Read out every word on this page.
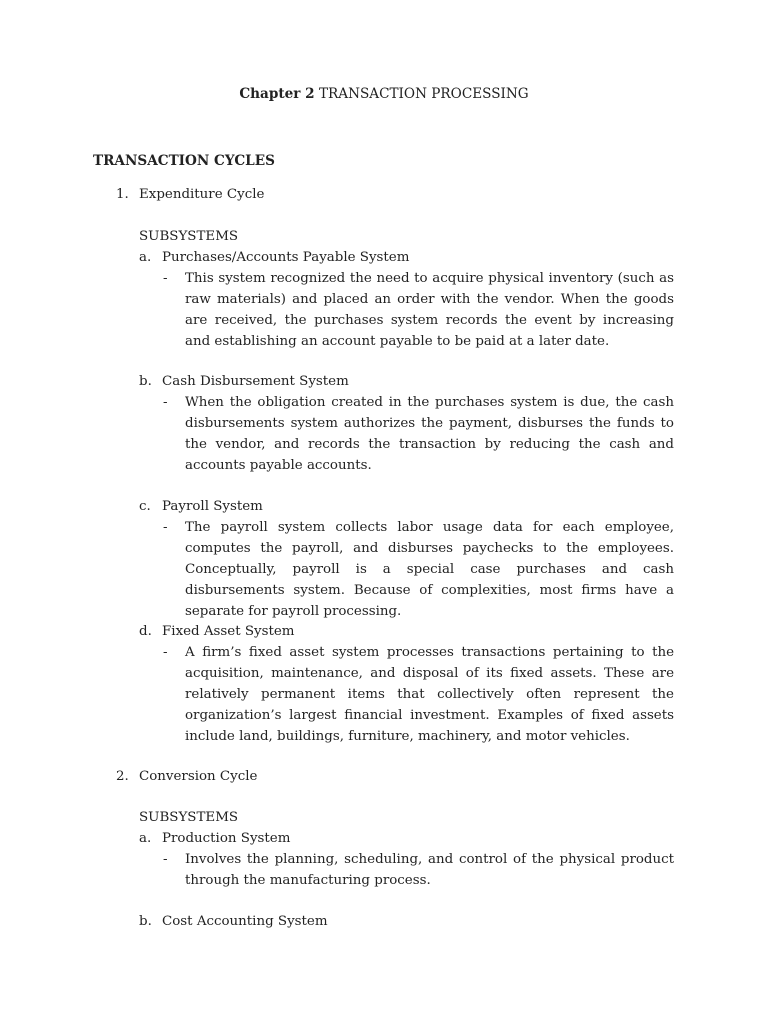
Chapter 2 TRANSACTION PROCESSING
TRANSACTION CYCLES
1. Expenditure Cycle
SUBSYSTEMS
a. Purchases/Accounts Payable System
- This system recognized the need to acquire physical inventory (such as raw materials) and placed an order with the vendor. When the goods are received, the purchases system records the event by increasing and establishing an account payable to be paid at a later date.
b. Cash Disbursement System
- When the obligation created in the purchases system is due, the cash disbursements system authorizes the payment, disburses the funds to the vendor, and records the transaction by reducing the cash and accounts payable accounts.
c. Payroll System
- The payroll system collects labor usage data for each employee, computes the payroll, and disburses paychecks to the employees. Conceptually, payroll is a special case purchases and cash disbursements system. Because of complexities, most firms have a separate for payroll processing.
d. Fixed Asset System
- A firm’s fixed asset system processes transactions pertaining to the acquisition, maintenance, and disposal of its fixed assets. These are relatively permanent items that collectively often represent the organization’s largest financial investment. Examples of fixed assets include land, buildings, furniture, machinery, and motor vehicles.
2. Conversion Cycle
SUBSYSTEMS
a. Production System
- Involves the planning, scheduling, and control of the physical product through the manufacturing process.
b. Cost Accounting System
